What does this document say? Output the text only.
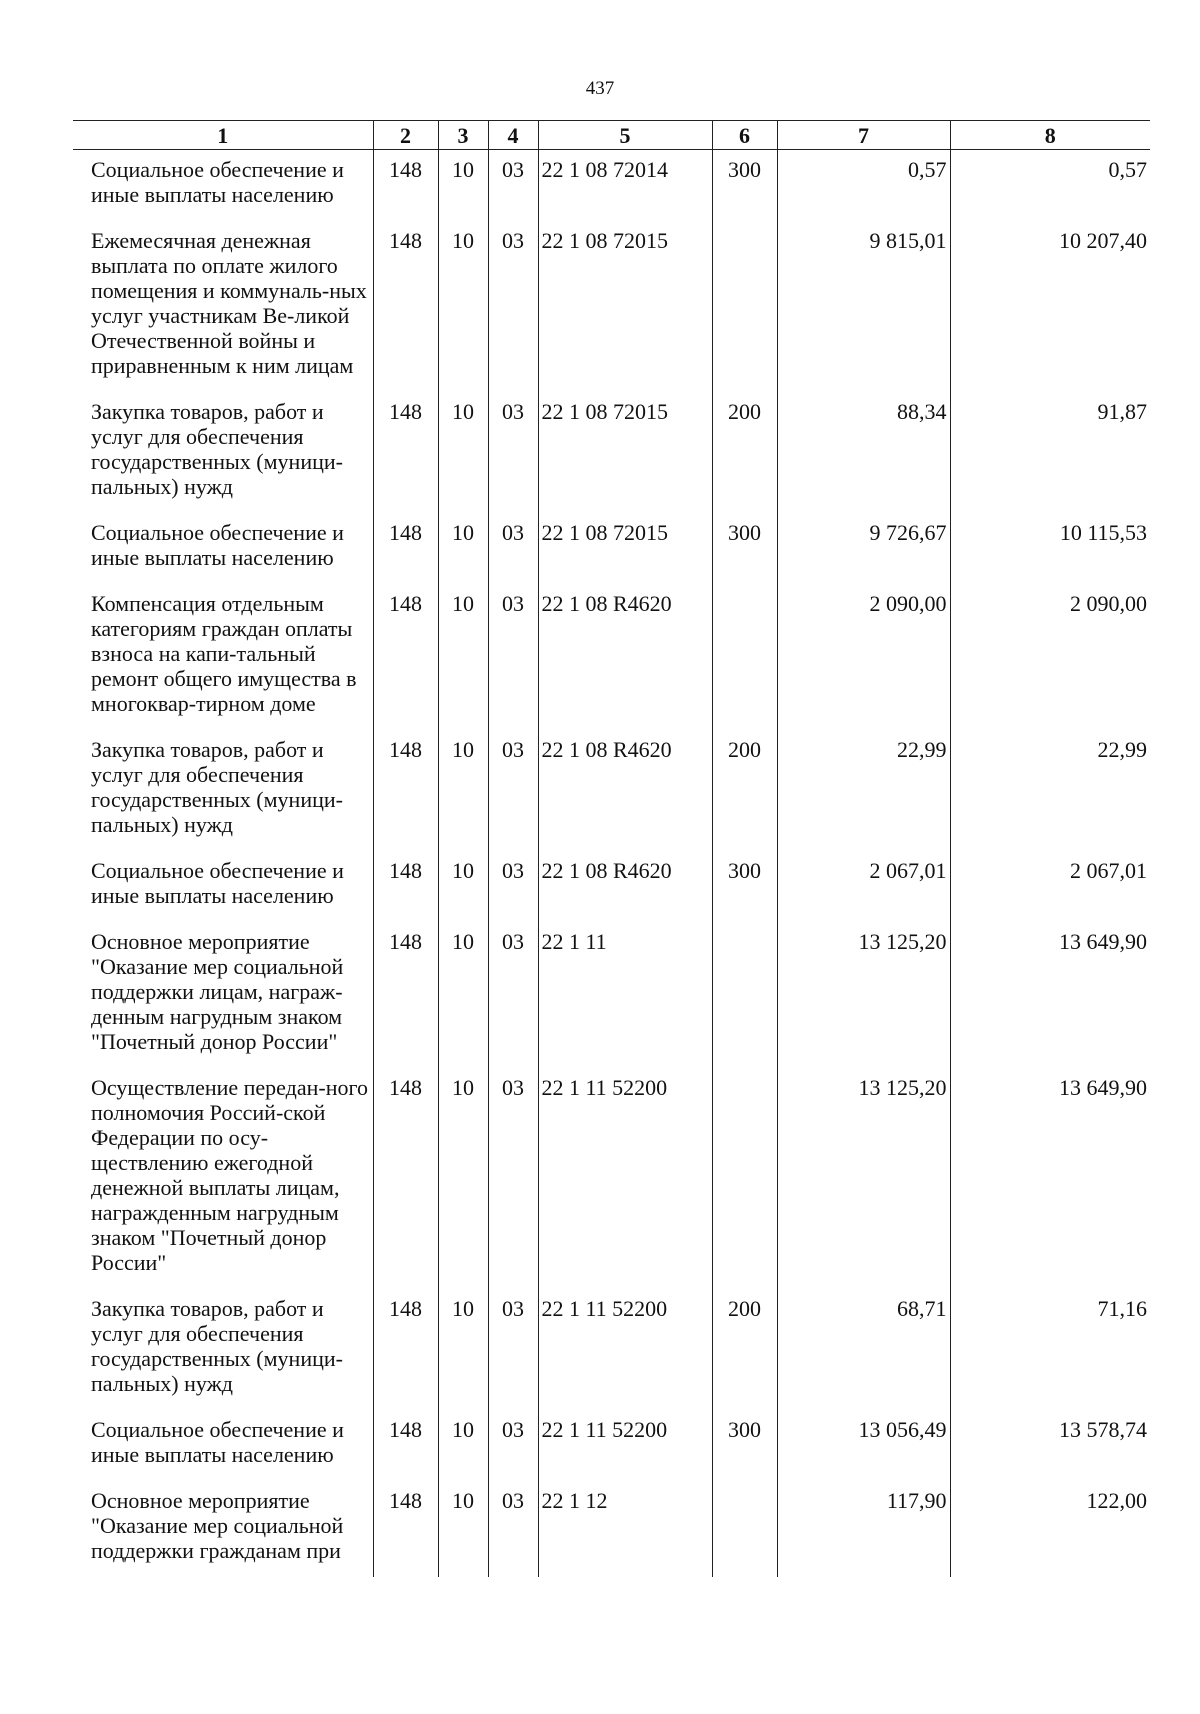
437
1	2	3	4	5	6	7	8
Социальное обеспечение и иные выплаты населению	148	10	03	22 1 08 72014	300	0,57	0,57
Ежемесячная денежная выплата по оплате жилого помещения и коммуналь-ных услуг участникам Ве-ликой Отечественной войны и приравненным к ним лицам	148	10	03	22 1 08 72015		9 815,01	10 207,40
Закупка товаров, работ и услуг для обеспечения государственных (муници-пальных) нужд	148	10	03	22 1 08 72015	200	88,34	91,87
Социальное обеспечение и иные выплаты населению	148	10	03	22 1 08 72015	300	9 726,67	10 115,53
Компенсация отдельным категориям граждан оплаты взноса на капи-тальный ремонт общего имущества в многоквар-тирном доме	148	10	03	22 1 08 R4620		2 090,00	2 090,00
Закупка товаров, работ и услуг для обеспечения государственных (муници-пальных) нужд	148	10	03	22 1 08 R4620	200	22,99	22,99
Социальное обеспечение и иные выплаты населению	148	10	03	22 1 08 R4620	300	2 067,01	2 067,01
Основное мероприятие "Оказание мер социальной поддержки лицам, награж-денным нагрудным знаком "Почетный донор России"	148	10	03	22 1 11		13 125,20	13 649,90
Осуществление передан-ного полномочия Россий-ской Федерации по осу-ществлению ежегодной денежной выплаты лицам, награжденным нагрудным знаком "Почетный донор России"	148	10	03	22 1 11 52200		13 125,20	13 649,90
Закупка товаров, работ и услуг для обеспечения государственных (муници-пальных) нужд	148	10	03	22 1 11 52200	200	68,71	71,16
Социальное обеспечение и иные выплаты населению	148	10	03	22 1 11 52200	300	13 056,49	13 578,74
Основное мероприятие "Оказание мер социальной поддержки гражданам при	148	10	03	22 1 12		117,90	122,00
